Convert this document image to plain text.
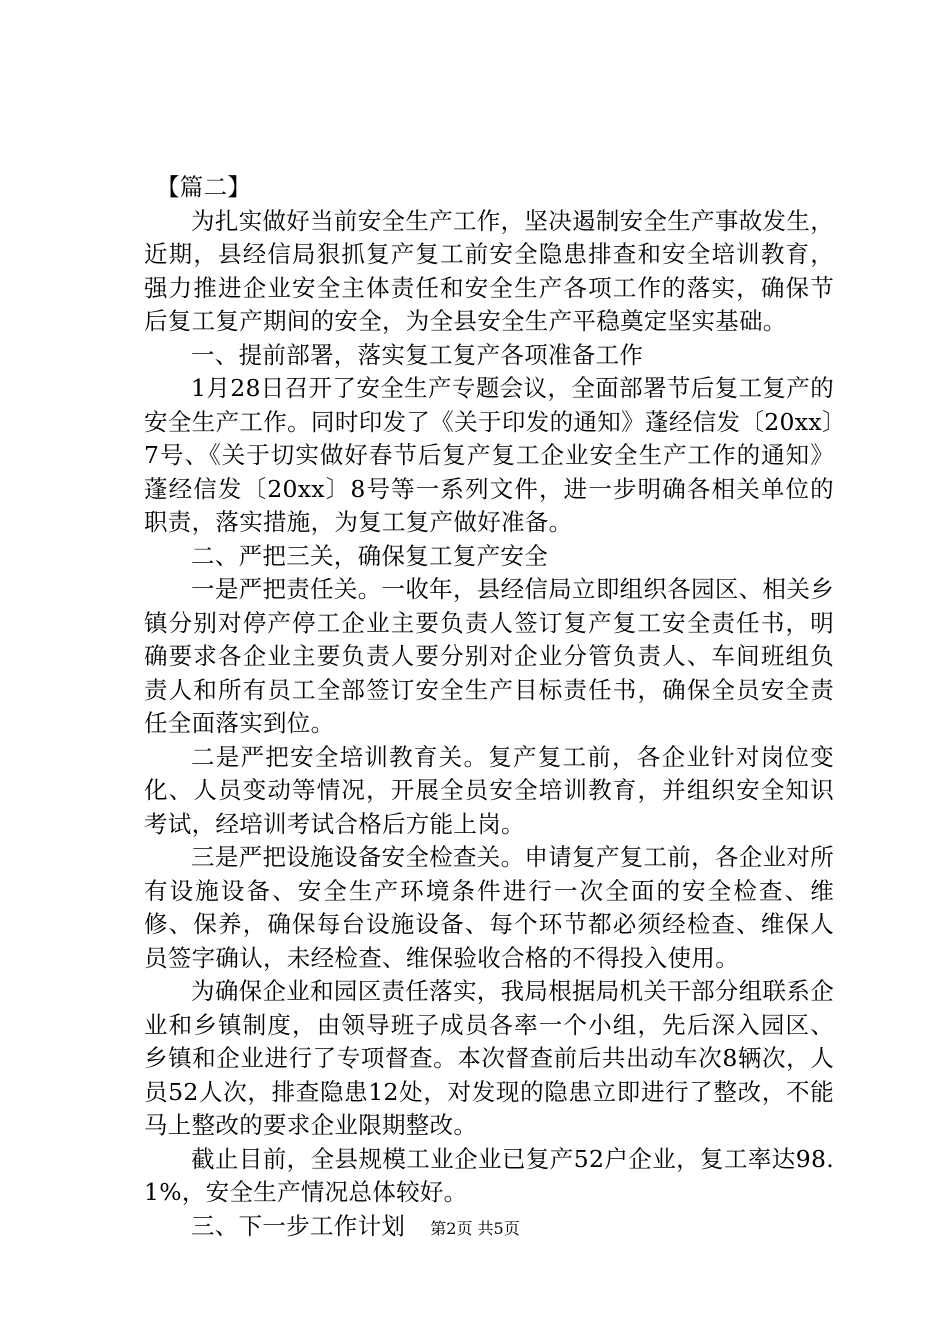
【篇二】

为扎实做好当前安全生产工作，坚决遏制安全生产事故发生，近期，县经信局狠抓复产复工前安全隐患排查和安全培训教育，强力推进企业安全主体责任和安全生产各项工作的落实，确保节后复工复产期间的安全，为全县安全生产平稳奠定坚实基础。

一、提前部署，落实复工复产各项准备工作

1月28日召开了安全生产专题会议，全面部署节后复工复产的安全生产工作。同时印发了《关于印发的通知》蓬经信发〔20xx〕7号、《关于切实做好春节后复产复工企业安全生产工作的通知》蓬经信发〔20xx〕8号等一系列文件，进一步明确各相关单位的职责，落实措施，为复工复产做好准备。

二、严把三关，确保复工复产安全

一是严把责任关。一收年，县经信局立即组织各园区、相关乡镇分别对停产停工企业主要负责人签订复产复工安全责任书，明确要求各企业主要负责人要分别对企业分管负责人、车间班组负责人和所有员工全部签订安全生产目标责任书，确保全员安全责任全面落实到位。

二是严把安全培训教育关。复产复工前，各企业针对岗位变化、人员变动等情况，开展全员安全培训教育，并组织安全知识考试，经培训考试合格后方能上岗。

三是严把设施设备安全检查关。申请复产复工前，各企业对所有设施设备、安全生产环境条件进行一次全面的安全检查、维修、保养，确保每台设施设备、每个环节都必须经检查、维保人员签字确认，未经检查、维保验收合格的不得投入使用。

为确保企业和园区责任落实，我局根据局机关干部分组联系企业和乡镇制度，由领导班子成员各率一个小组，先后深入园区、乡镇和企业进行了专项督查。本次督查前后共出动车次8辆次，人员52人次，排查隐患12处，对发现的隐患立即进行了整改，不能马上整改的要求企业限期整改。

截止目前，全县规模工业企业已复产52户企业，复工率达98.1%，安全生产情况总体较好。

三、下一步工作计划	第2页 共5页
